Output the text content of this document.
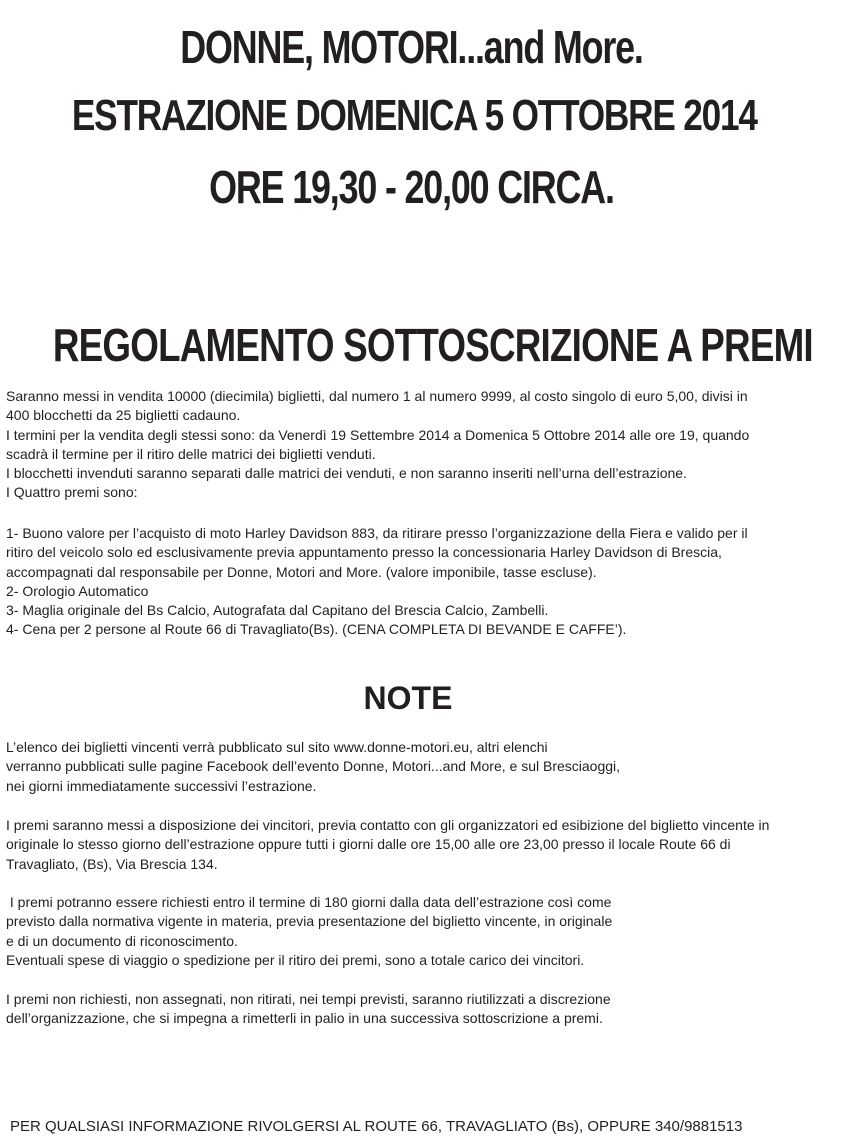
DONNE, MOTORI...and More.
ESTRAZIONE DOMENICA 5 OTTOBRE 2014
ORE 19,30 - 20,00 CIRCA.
REGOLAMENTO SOTTOSCRIZIONE A PREMI

Saranno messi in vendita 10000 (diecimila) biglietti, dal numero 1 al numero 9999, al costo singolo di euro 5,00, divisi in

400 blocchetti da 25 biglietti cadauno.

I termini per la vendita degli stessi sono: da Venerdì 19 Settembre 2014 a Domenica 5 Ottobre 2014 alle ore 19, quando

scadrà il termine per il ritiro delle matrici dei biglietti venduti.

I blocchetti invenduti saranno separati dalle matrici dei venduti, e non saranno inseriti nell’urna dell’estrazione.

I Quattro premi sono:

1- Buono valore per l’acquisto di moto Harley Davidson 883, da ritirare presso l’organizzazione della Fiera e valido per il

ritiro del veicolo solo ed esclusivamente previa appuntamento presso la concessionaria Harley Davidson di Brescia,

accompagnati dal responsabile per Donne, Motori and More. (valore imponibile, tasse escluse).

2- Orologio Automatico

3- Maglia originale del Bs Calcio, Autografata dal Capitano del Brescia Calcio, Zambelli.

4- Cena per 2 persone al Route 66 di Travagliato(Bs). (CENA COMPLETA DI BEVANDE E CAFFE’).

NOTE

L’elenco dei biglietti vincenti verrà pubblicato sul sito www.donne-motori.eu, altri elenchi

verranno pubblicati sulle pagine Facebook dell’evento Donne, Motori...and More, e sul Bresciaoggi,

nei giorni immediatamente successivi l’estrazione.

I premi saranno messi a disposizione dei vincitori, previa contatto con gli organizzatori ed esibizione del biglietto vincente in

originale lo stesso giorno dell’estrazione oppure tutti i giorni dalle ore 15,00 alle ore 23,00 presso il locale Route 66 di

Travagliato, (Bs), Via Brescia 134.

I premi potranno essere richiesti entro il termine di 180 giorni dalla data dell’estrazione così come

previsto dalla normativa vigente in materia, previa presentazione del biglietto vincente, in originale

e di un documento di riconoscimento.

Eventuali spese di viaggio o spedizione per il ritiro dei premi, sono a totale carico dei vincitori.

I premi non richiesti, non assegnati, non ritirati, nei tempi previsti, saranno riutilizzati a discrezione

dell’organizzazione, che si impegna a rimetterli in palio in una successiva sottoscrizione a premi.

PER QUALSIASI INFORMAZIONE RIVOLGERSI AL ROUTE 66, TRAVAGLIATO (Bs), OPPURE 340/9881513
